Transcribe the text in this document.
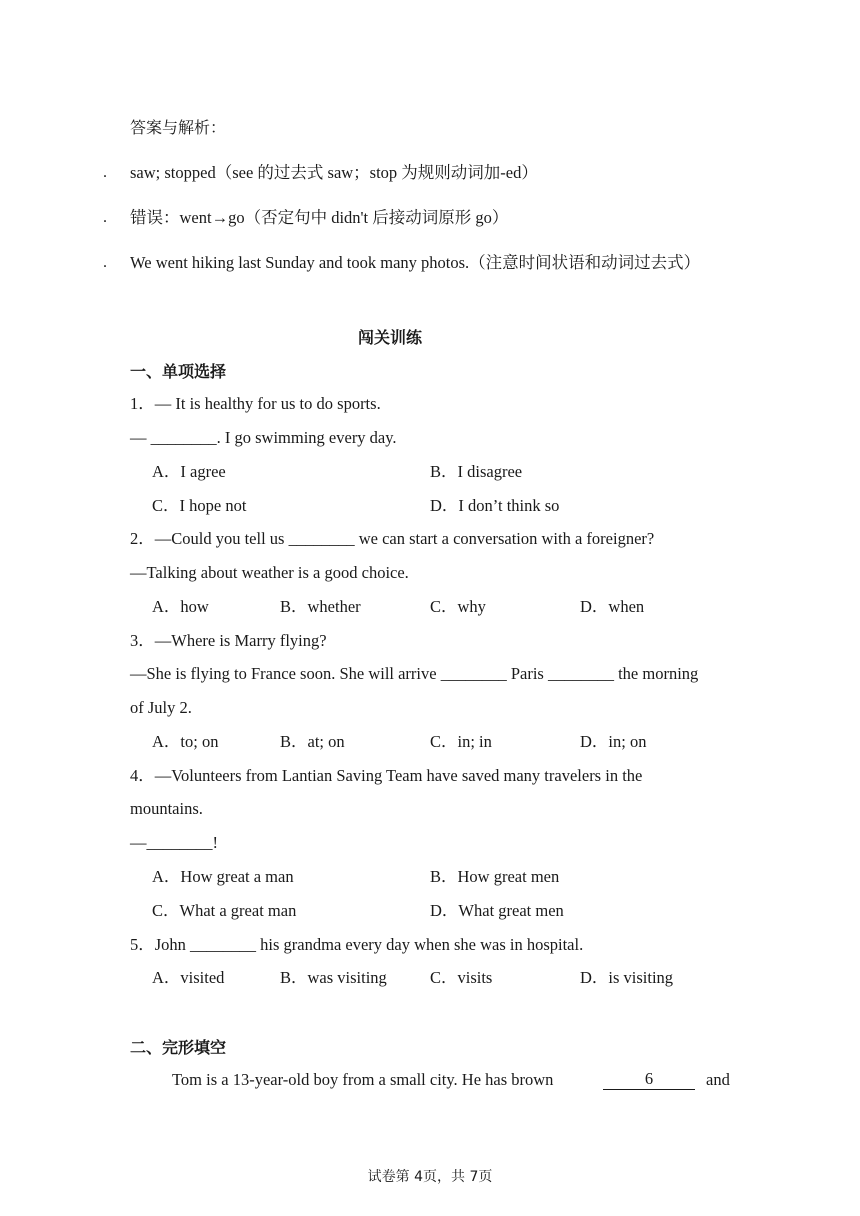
答案与解析：
. saw; stopped（see 的过去式 saw；stop 为规则动词加-ed）
. 错误：went→go（否定句中 didn't 后接动词原形 go）
. We went hiking last Sunday and took many photos.（注意时间状语和动词过去式）
闯关训练
一、单项选择
1．— It is healthy for us to do sports.
— ________. I go swimming every day.
A．I agree	B．I disagree
C．I hope not	D．I don’t think so
2．—Could you tell us ________ we can start a conversation with a foreigner?
—Talking about weather is a good choice.
A．how	B．whether	C．why	D．when
3．—Where is Marry flying?
—She is flying to France soon. She will arrive ________ Paris ________ the morning
of July 2.
A．to; on	B．at; on	C．in; in	D．in; on
4．—Volunteers from Lantian Saving Team have saved many travelers in the
mountains.
—________!
A．How great a man	B．How great men
C．What a great man	D．What great men
5．John ________ his grandma every day when she was in hospital.
A．visited	B．was visiting	C．visits	D．is visiting
二、完形填空
Tom is a 13-year-old boy from a small city. He has brown	6	and
试卷第 4页，共 7页
